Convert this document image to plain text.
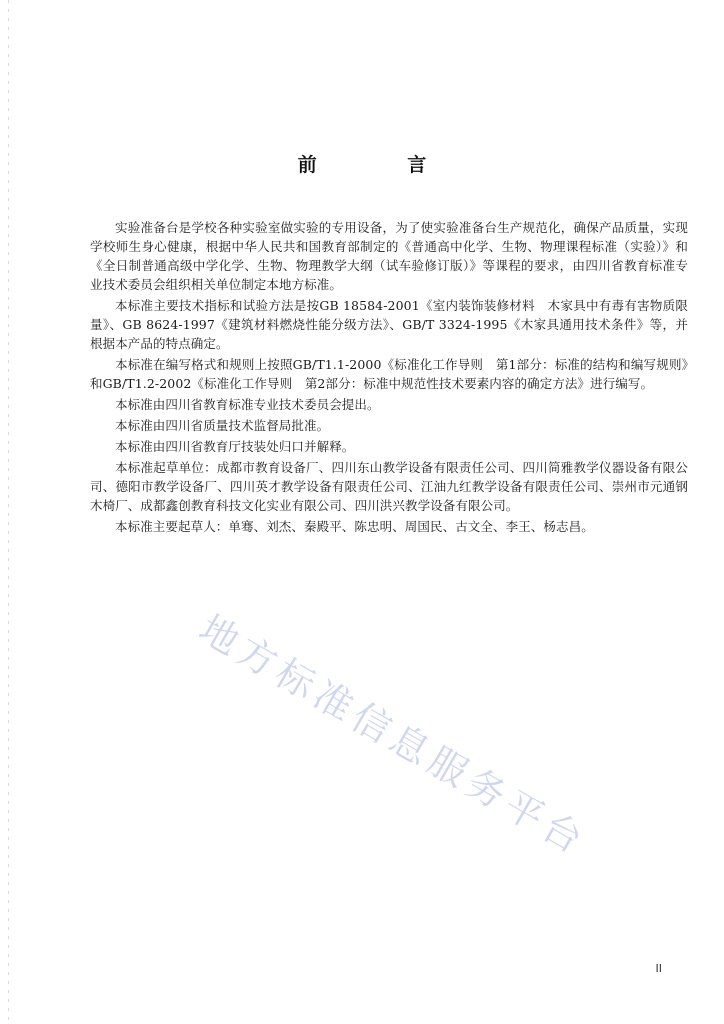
前 言

实验准备台是学校各种实验室做实验的专用设备，为了使实验准备台生产规范化，确保产品质量，实现学校师生身心健康，根据中华人民共和国教育部制定的《普通高中化学、生物、物理课程标准（实验）》和《全日制普通高级中学化学、生物、物理教学大纲（试车验修订版）》等课程的要求，由四川省教育标准专业技术委员会组织相关单位制定本地方标准。

本标准主要技术指标和试验方法是按GB 18584-2001《室内装饰装修材料　木家具中有毒有害物质限量》、GB 8624-1997《建筑材料燃烧性能分级方法》、GB/T 3324-1995《木家具通用技术条件》等，并根据本产品的特点确定。

本标准在编写格式和规则上按照GB/T1.1-2000《标准化工作导则　第1部分：标准的结构和编写规则》和GB/T1.2-2002《标准化工作导则　第2部分：标准中规范性技术要素内容的确定方法》进行编写。

本标准由四川省教育标准专业技术委员会提出。

本标准由四川省质量技术监督局批准。

本标准由四川省教育厅技装处归口并解释。

本标准起草单位：成都市教育设备厂、四川东山教学设备有限责任公司、四川简雅教学仪器设备有限公司、德阳市教学设备厂、四川英才教学设备有限责任公司、江油九红教学设备有限责任公司、崇州市元通钢木椅厂、成都鑫创教育科技文化实业有限公司、四川洪兴教学设备有限公司。

本标准主要起草人：单骞、刘杰、秦殿平、陈忠明、周国民、古文全、李王、杨志昌。

地方标准信息服务平台
II
